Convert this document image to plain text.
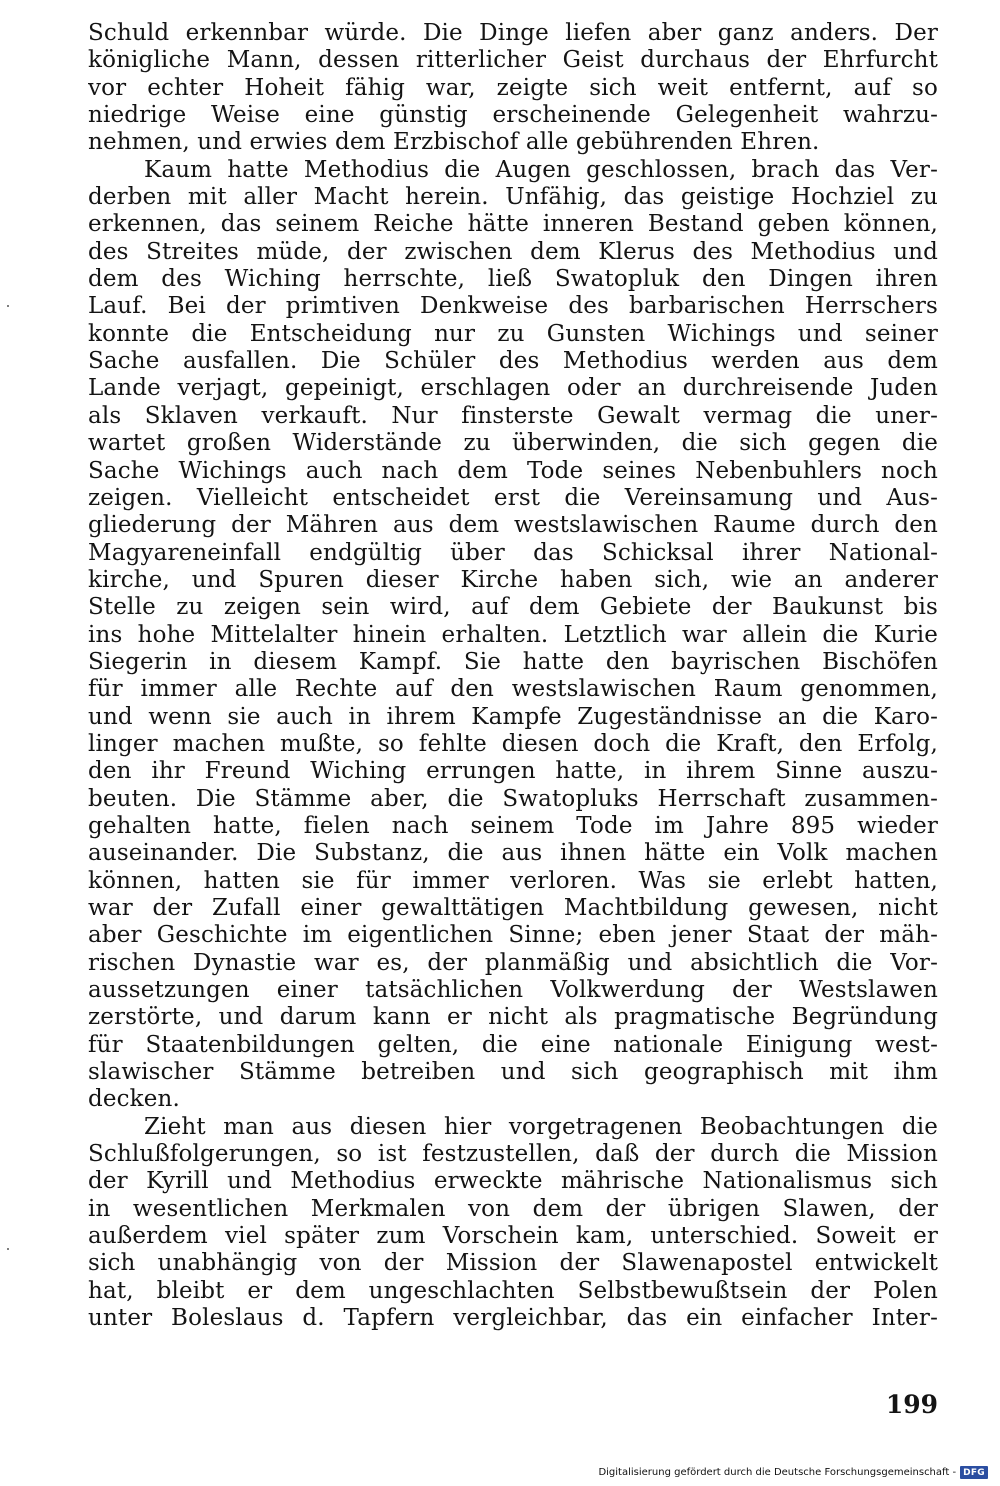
Schuld erkennbar würde. Die Dinge liefen aber ganz anders. Der
königliche Mann, dessen ritterlicher Geist durchaus der Ehrfurcht
vor echter Hoheit fähig war, zeigte sich weit entfernt, auf so
niedrige Weise eine günstig erscheinende Gelegenheit wahrzu-
nehmen, und erwies dem Erzbischof alle gebührenden Ehren.
Kaum hatte Methodius die Augen geschlossen, brach das Ver-
derben mit aller Macht herein. Unfähig, das geistige Hochziel zu
erkennen, das seinem Reiche hätte inneren Bestand geben können,
des Streites müde, der zwischen dem Klerus des Methodius und
dem des Wiching herrschte, ließ Swatopluk den Dingen ihren
Lauf. Bei der primtiven Denkweise des barbarischen Herrschers
konnte die Entscheidung nur zu Gunsten Wichings und seiner
Sache ausfallen. Die Schüler des Methodius werden aus dem
Lande verjagt, gepeinigt, erschlagen oder an durchreisende Juden
als Sklaven verkauft. Nur finsterste Gewalt vermag die uner-
wartet großen Widerstände zu überwinden, die sich gegen die
Sache Wichings auch nach dem Tode seines Nebenbuhlers noch
zeigen. Vielleicht entscheidet erst die Vereinsamung und Aus-
gliederung der Mähren aus dem westslawischen Raume durch den
Magyareneinfall endgültig über das Schicksal ihrer National-
kirche, und Spuren dieser Kirche haben sich, wie an anderer
Stelle zu zeigen sein wird, auf dem Gebiete der Baukunst bis
ins hohe Mittelalter hinein erhalten. Letztlich war allein die Kurie
Siegerin in diesem Kampf. Sie hatte den bayrischen Bischöfen
für immer alle Rechte auf den westslawischen Raum genommen,
und wenn sie auch in ihrem Kampfe Zugeständnisse an die Karo-
linger machen mußte, so fehlte diesen doch die Kraft, den Erfolg,
den ihr Freund Wiching errungen hatte, in ihrem Sinne auszu-
beuten. Die Stämme aber, die Swatopluks Herrschaft zusammen-
gehalten hatte, fielen nach seinem Tode im Jahre 895 wieder
auseinander. Die Substanz, die aus ihnen hätte ein Volk machen
können, hatten sie für immer verloren. Was sie erlebt hatten,
war der Zufall einer gewalttätigen Machtbildung gewesen, nicht
aber Geschichte im eigentlichen Sinne; eben jener Staat der mäh-
rischen Dynastie war es, der planmäßig und absichtlich die Vor-
aussetzungen einer tatsächlichen Volkwerdung der Westslawen
zerstörte, und darum kann er nicht als pragmatische Begründung
für Staatenbildungen gelten, die eine nationale Einigung west-
slawischer Stämme betreiben und sich geographisch mit ihm
decken.
Zieht man aus diesen hier vorgetragenen Beobachtungen die
Schlußfolgerungen, so ist festzustellen, daß der durch die Mission
der Kyrill und Methodius erweckte mährische Nationalismus sich
in wesentlichen Merkmalen von dem der übrigen Slawen, der
außerdem viel später zum Vorschein kam, unterschied. Soweit er
sich unabhängig von der Mission der Slawenapostel entwickelt
hat, bleibt er dem ungeschlachten Selbstbewußtsein der Polen
unter Boleslaus d. Tapfern vergleichbar, das ein einfacher Inter-
199
Digitalisierung gefördert durch die Deutsche Forschungsgemeinschaft - DFG
